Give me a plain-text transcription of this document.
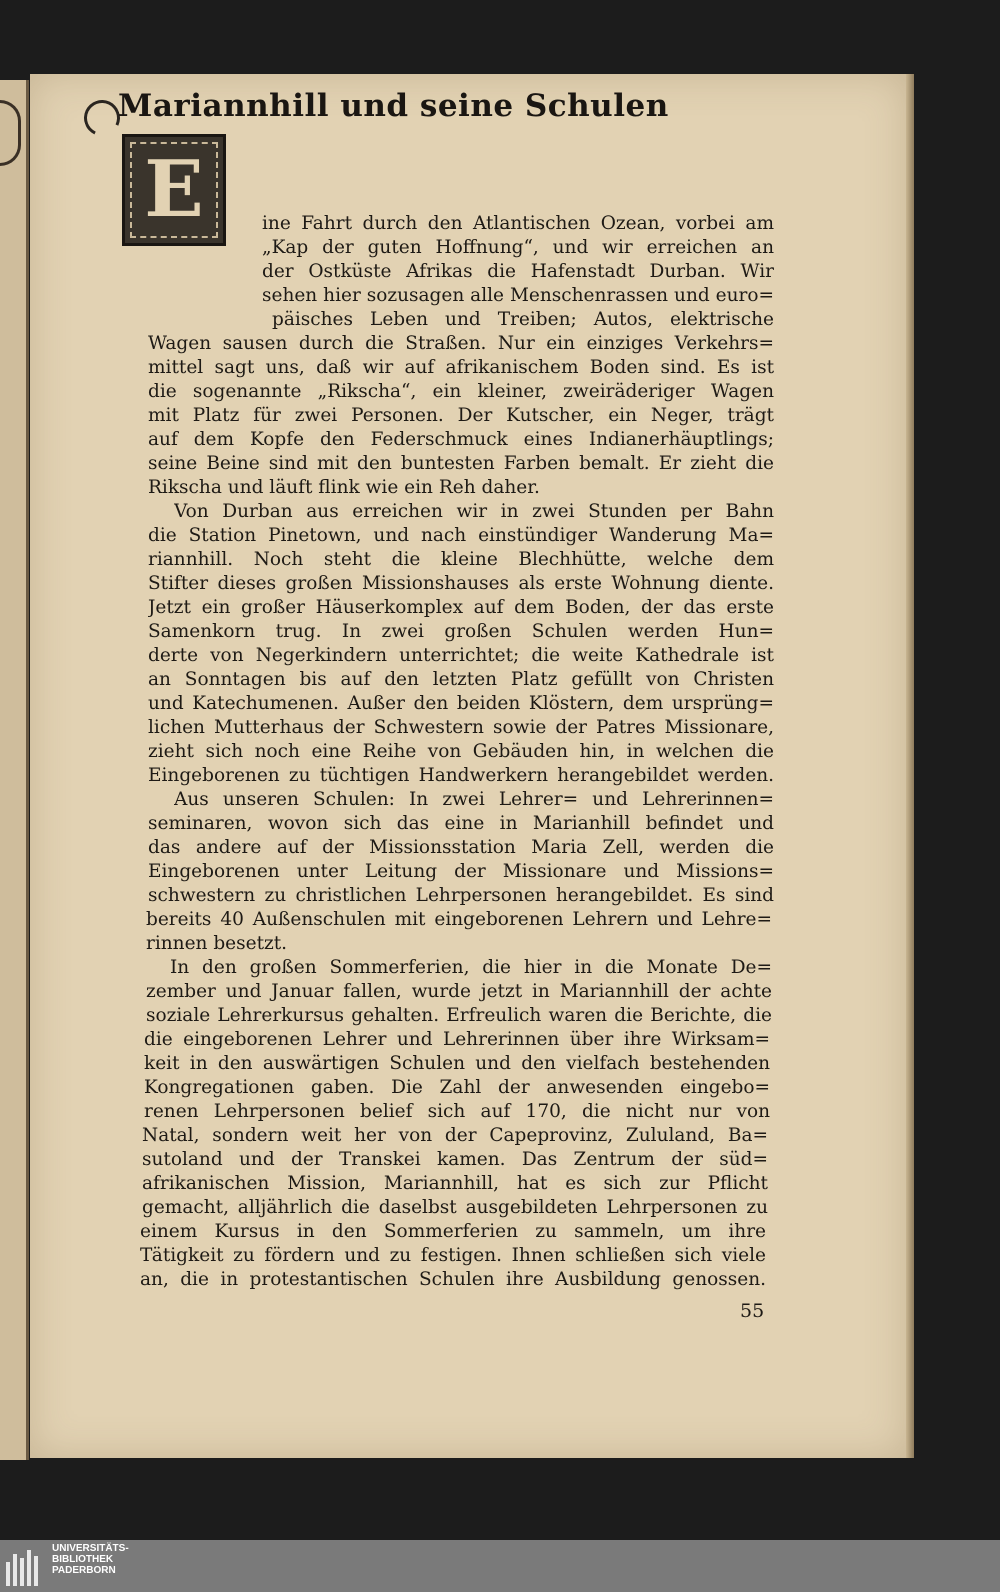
Mariannhill und seine Schulen
E	ine Fahrt durch den Atlantischen Ozean, vorbei am
„Kap der guten Hoffnung“, und wir erreichen an
der Ostküste Afrikas die Hafenstadt Durban. Wir
sehen hier sozusagen alle Menschenrassen und euro=
päisches Leben und Treiben; Autos, elektrische
Wagen sausen durch die Straßen. Nur ein einziges Verkehrs=
mittel sagt uns, daß wir auf afrikanischem Boden sind. Es ist
die sogenannte „Rikscha“, ein kleiner, zweiräderiger Wagen
mit Platz für zwei Personen. Der Kutscher, ein Neger, trägt
auf dem Kopfe den Federschmuck eines Indianerhäuptlings;
seine Beine sind mit den buntesten Farben bemalt. Er zieht die
Rikscha und läuft flink wie ein Reh daher.
Von Durban aus erreichen wir in zwei Stunden per Bahn
die Station Pinetown, und nach einstündiger Wanderung Ma=
riannhill. Noch steht die kleine Blechhütte, welche dem
Stifter dieses großen Missionshauses als erste Wohnung diente.
Jetzt ein großer Häuserkomplex auf dem Boden, der das erste
Samenkorn trug. In zwei großen Schulen werden Hun=
derte von Negerkindern unterrichtet; die weite Kathedrale ist
an Sonntagen bis auf den letzten Platz gefüllt von Christen
und Katechumenen. Außer den beiden Klöstern, dem ursprüng=
lichen Mutterhaus der Schwestern sowie der Patres Missionare,
zieht sich noch eine Reihe von Gebäuden hin, in welchen die
Eingeborenen zu tüchtigen Handwerkern herangebildet werden.
Aus unseren Schulen: In zwei Lehrer= und Lehrerinnen=
seminaren, wovon sich das eine in Marianhill befindet und
das andere auf der Missionsstation Maria Zell, werden die
Eingeborenen unter Leitung der Missionare und Missions=
schwestern zu christlichen Lehrpersonen herangebildet. Es sind
bereits 40 Außenschulen mit eingeborenen Lehrern und Lehre=
rinnen besetzt.
In den großen Sommerferien, die hier in die Monate De=
zember und Januar fallen, wurde jetzt in Mariannhill der achte
soziale Lehrerkursus gehalten. Erfreulich waren die Berichte, die
die eingeborenen Lehrer und Lehrerinnen über ihre Wirksam=
keit in den auswärtigen Schulen und den vielfach bestehenden
Kongregationen gaben. Die Zahl der anwesenden eingebo=
renen Lehrpersonen belief sich auf 170, die nicht nur von
Natal, sondern weit her von der Capeprovinz, Zululand, Ba=
sutoland und der Transkei kamen. Das Zentrum der süd=
afrikanischen Mission, Mariannhill, hat es sich zur Pflicht
gemacht, alljährlich die daselbst ausgebildeten Lehrpersonen zu
einem Kursus in den Sommerferien zu sammeln, um ihre
Tätigkeit zu fördern und zu festigen. Ihnen schließen sich viele
an, die in protestantischen Schulen ihre Ausbildung genossen.
55
UNIVERSITÄTS-
BIBLIOTHEK
PADERBORN
